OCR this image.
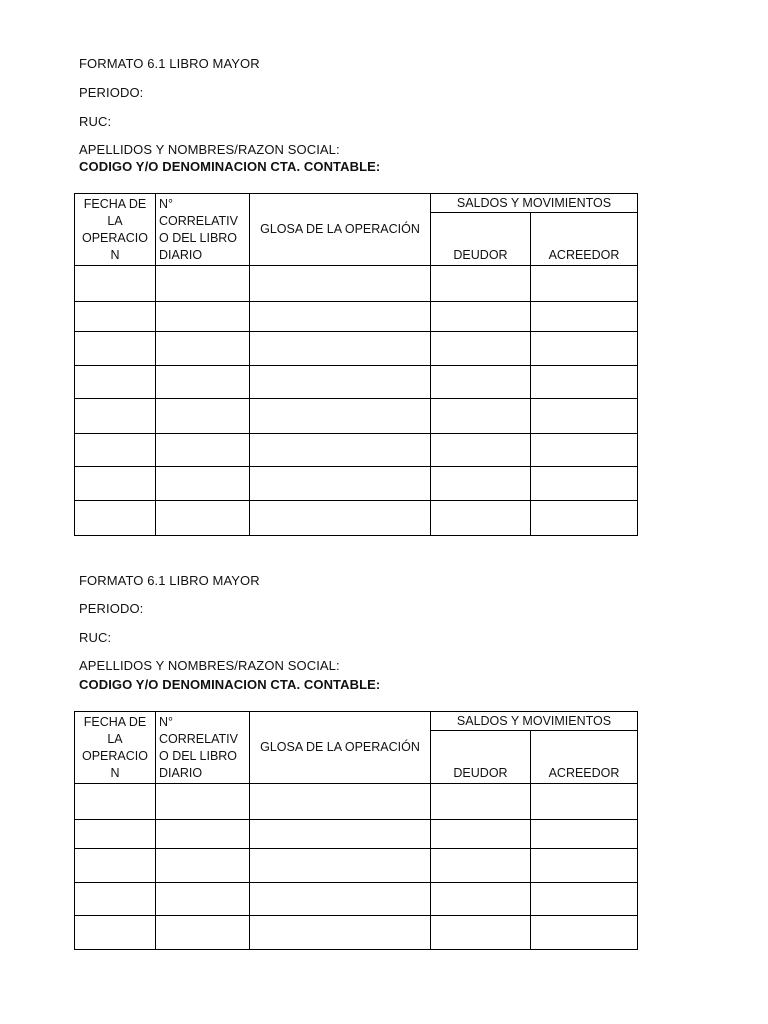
FORMATO 6.1 LIBRO MAYOR
PERIODO:
RUC:
APELLIDOS Y NOMBRES/RAZON SOCIAL:
CODIGO Y/O DENOMINACION CTA. CONTABLE:
FECHA DE
LA
OPERACIO
N	N°
CORRELATIV
O DEL LIBRO
DIARIO	GLOSA DE LA OPERACIÓN	SALDOS Y MOVIMIENTOS	
			DEUDOR	ACREEDOR

FORMATO 6.1 LIBRO MAYOR
PERIODO:
RUC:
APELLIDOS Y NOMBRES/RAZON SOCIAL:
CODIGO Y/O DENOMINACION CTA. CONTABLE:
FECHA DE
LA
OPERACIO
N	N°
CORRELATIV
O DEL LIBRO
DIARIO	GLOSA DE LA OPERACIÓN	SALDOS Y MOVIMIENTOS	
			DEUDOR	ACREEDOR
